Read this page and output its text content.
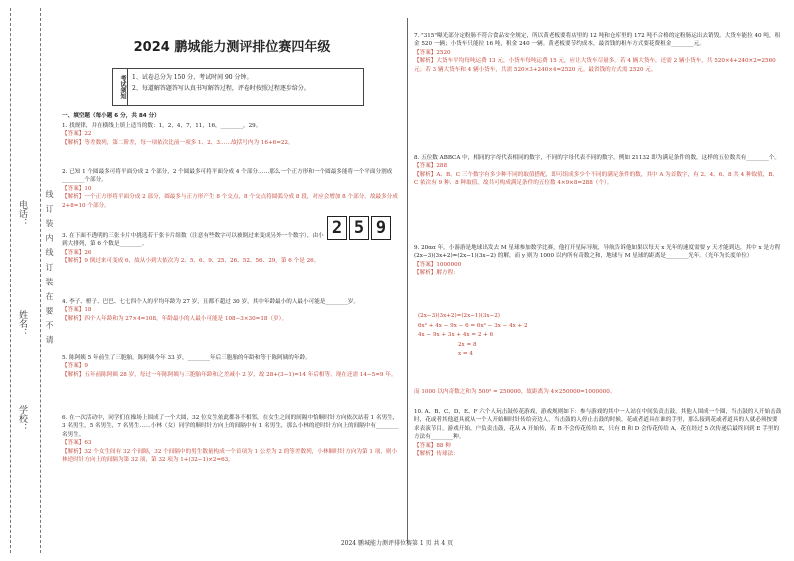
学校：
姓名：
电话： 线 订 装 内 线 订 装 在 要 不 请
2024 鹏城能力测评排位赛四年级
考试须知	1、试卷总分为 150 分，考试时间 90 分钟。
2、每道解答题答写认真书写解答过程，评卷时按照过程逐步给分。
一、填空题（每小题 6 分，共 84 分）
1. 找规律，并在横线上填上适当的数：1，2，4，7，11，16，________，29。
【答案】22
【解析】等差数列，第二阶差，每一项依次比前一项多 1、2、3……故括号内为 16+6=22。
2. 已知 1 个圆最多可将平面分成 2 个部分，2 个圆最多可将平面分成 4 个部分……那么一个正方形和一个圆最多能将一个平面分割成________个部分。
【答案】10
【解析】一个正方形将平面分成 2 部分，圆最多与正方形产生 8 个交点，8 个交点将圆弧分成 8 段，对应会增加 8 个部分，故最多分成 2+8=10 个部分。
3. 在下面不透明的三张卡片中挑选若干张卡片组数（注意有些数字可以被倒过来变成另外一个数字），由小到大排列，第 6 个数是________。
【答案】26
【解析】9 倒过来可变成 6，故从小到大依次为 2、5、6、9、25、26、52、56、29，第 6 个是 26。
2 5 9
4. 李子、橙子、巴巴、七七四个人的平均年龄为 27 岁，且都不超过 30 岁，其中年龄最小的人最小可能是________岁。
【答案】18
【解析】四个人年龄和为 27×4=108，年龄最小的人最小可能是 108−3×30=18（岁）。
5. 陈阿姨 5 年前生了三胞胎，陈阿姨今年 33 岁，________年后三胞胎的年龄和等于陈阿姨的年龄。
【答案】9
【解析】五年前陈阿姨 28 岁，每过一年陈阿姨与三胞胎年龄和之差减小 2 岁，故 28+(3−1)=14 年后相等，现在还需 14−5=9 年。
6. 在一次活动中，同学们在操场上围成了一个大圆，32 位女生依此都各不相邻，在女生之间的间隔中恰顺时针方向依次站着 1 名男生，3 名男生，5 名男生，7 名男生……小林（女）同学的顺时针方向上的间隔中有 1 名男生，那么小林的逆时针方向上的间隔中有________名男生。
【答案】63
【解析】32 个女生间有 32 个间隔，32 个间隔中的男生数量构成一个首项为 1 公差为 2 的等差数列，小林顺时针方向为第 1 项，则小林逆时针方向上的间隔为第 32 项，第 32 项为 1+(32−1)×2=63。
7. "315"曝光部分定粉肠不符合食品安全规定，所以黄老板要将店里的 12 吨和仓库里的 172 吨不合格的定粉肠运出去销毁。大货车能拉 40 吨，租金 520 一辆；小货车只能拉 16 吨，租金 240 一辆。黄老板要节约成本，最省钱的租车方式要花费租金________元。
【答案】2520
【解析】大货车平均每吨运费 13 元，小货车每吨运费 15 元，应让大货车尽量多。若 4 辆大货车，还需 2 辆小货车，共 520×4+240×2=2560 元；若 3 辆大货车和 4 辆小货车，共需 520×3+240×4=2520 元。最省钱的方式需 2520 元。
8. 五位数 ABBCA 中，相同的字母代表相同的数字，不同的字母代表不同的数字，例如 21132 即为满足条件的数，这样的五位数共有________个。
【答案】288
【解析】A、B、C 三个数字有多少种不同的取值搭配，即可组成多少个不同的满足条件的数，其中 A 为首数字，有 2、4、6、8 共 4 种取值，B、C 依次有 9 种、8 种取值，故共可构成满足条件的五位数 4×9×8=288（个）。
9. 20αα 年，小游游是地球出发去 M 星球参加数学比赛，他打开星际导航，导航告诉他如果以每天 x 光年的速度需要 y 天才能到达，其中 x 是方程 (2x−3)(3x+2)=(2x−1)(3x−2) 的解，而 y 则为 1000 以内所有奇数之和，地球与 M 星球的距离是________光年。（光年为长度单位）
【答案】1000000
【解析】解方程：
(2x−3)(3x+2)=(2x−1)(3x−2)
6x² + 4x − 9x − 6 = 6x² − 3x − 4x + 2
4x − 9x + 3x + 4x = 2 + 6
2x = 8
x = 4
而 1000 以内奇数之和为 500² = 250000，故距离为 4×250000=1000000。
10. A、B、C、D、E、F 六个人玩击鼓传花游戏，游戏规则如下：参与游戏的其中一人站在中间负责击鼓，其他人围成一个圈，当击鼓的人开始击鼓时，花或者其他道具就从一个人开始顺时针传给旁边人，当击鼓的人停止击鼓的时候，花或者道具在谁的手里，那么接到花或者道具的人就必须按要求表演节目。游戏开始，户负责击鼓，花从 A 开始传，若 B 不会传花传给 E，只有 B 和 D 会传花传给 A，花在经过 5 次传递后最终回到 E 手里的方法有________种。
【答案】88 种
【解析】传球法：
2024 鹏城能力测评排位赛第 1 页 共 4 页
